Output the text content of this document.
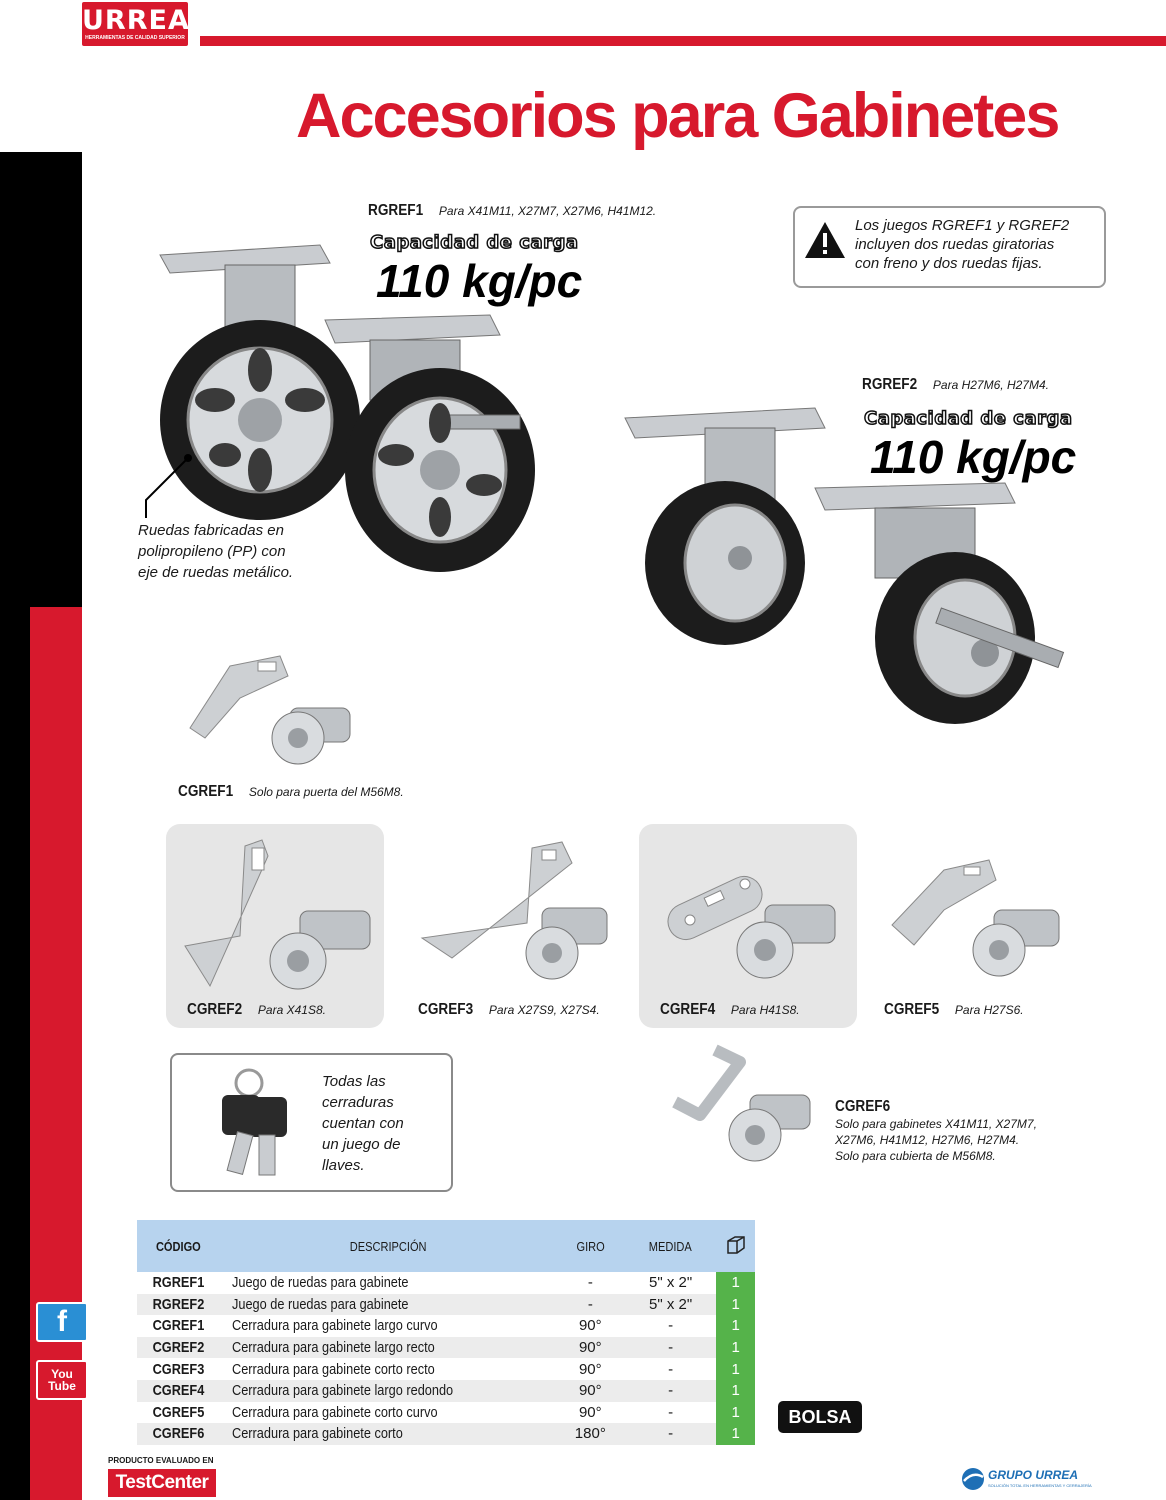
URREA
HERRAMIENTAS DE CALIDAD SUPERIOR
Accesorios para Gabinetes
f
You
Tube
RGREF1 Para X41M11, X27M7, X27M6, H41M12.
Capacidad de carga
110 kg/pc
Los juegos RGREF1 y RGREF2
incluyen dos ruedas giratorias
con freno y dos ruedas fijas.
Ruedas fabricadas en
polipropileno (PP) con
eje de ruedas metálico.
RGREF2 Para H27M6, H27M4.
Capacidad de carga
110 kg/pc
CGREF1 Solo para puerta del M56M8.
CGREF2 Para X41S8.	CGREF3 Para X27S9, X27S4.	CGREF4 Para H41S8.	CGREF5 Para H27S6.
Todas las
cerraduras
cuentan con
un juego de
llaves.
CGREF6
Solo para gabinetes X41M11, X27M7,
X27M6, H41M12, H27M6, H27M4.
Solo para cubierta de M56M8.
CÓDIGO	DESCRIPCIÓN	GIRO	MEDIDA	
RGREF1	Juego de ruedas para gabinete	-	5" x 2"	1
RGREF2	Juego de ruedas para gabinete	-	5" x 2"	1
CGREF1	Cerradura para gabinete largo curvo	90°	-	1
CGREF2	Cerradura para gabinete largo recto	90°	-	1
CGREF3	Cerradura para gabinete corto recto	90°	-	1
CGREF4	Cerradura para gabinete largo redondo	90°	-	1
CGREF5	Cerradura para gabinete corto curvo	90°	-	1
CGREF6	Cerradura para gabinete corto	180°	-	1
BOLSA
PRODUCTO EVALUADO EN
TestCenter	GRUPO URREA
SOLUCIÓN TOTAL EN HERRAMIENTAS Y CERRAJERÍA
